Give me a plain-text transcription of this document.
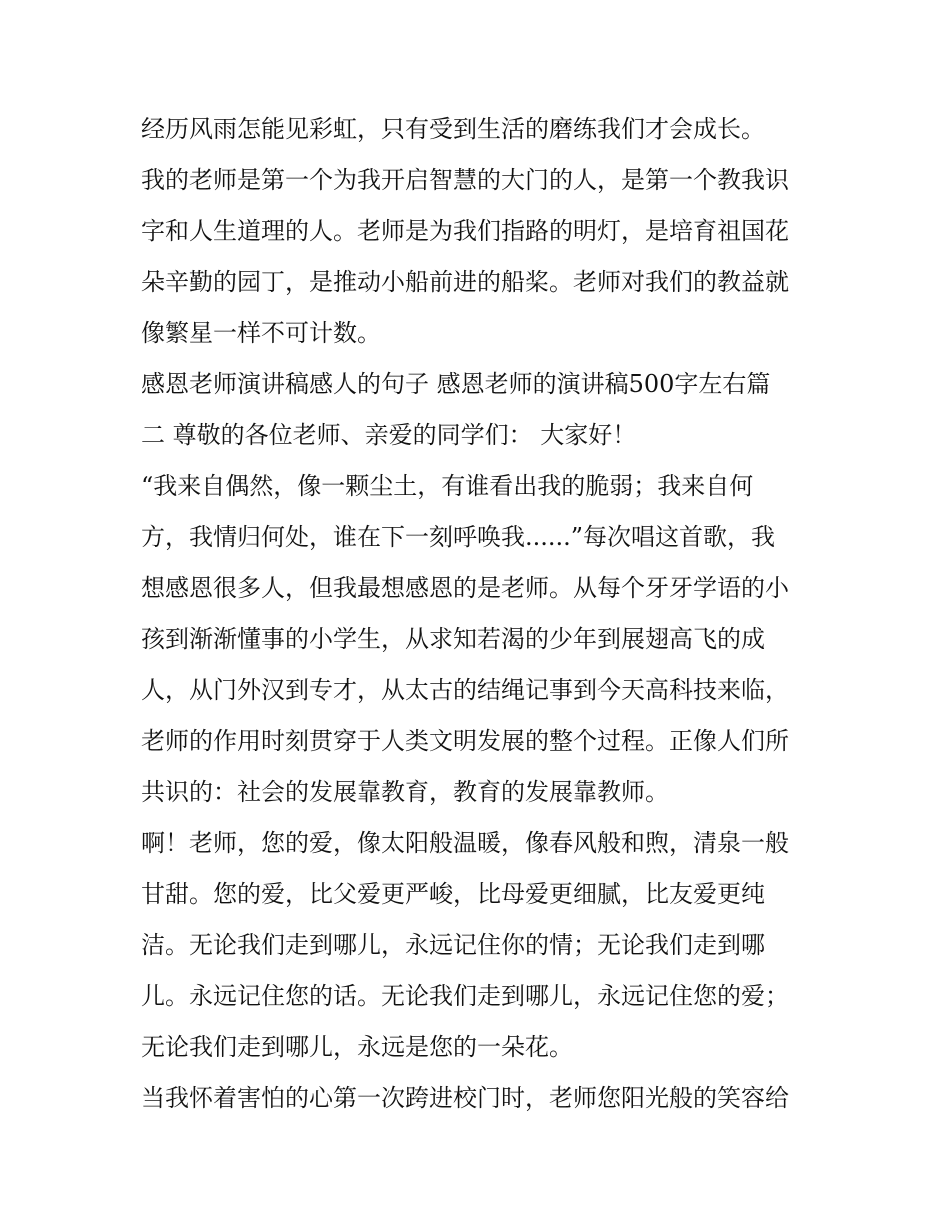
经历风雨怎能见彩虹，只有受到生活的磨练我们才会成长。
我的老师是第一个为我开启智慧的大门的人，是第一个教我识
字和人生道理的人。老师是为我们指路的明灯，是培育祖国花
朵辛勤的园丁，是推动小船前进的船桨。老师对我们的教益就
像繁星一样不可计数。
感恩老师演讲稿感人的句子 感恩老师的演讲稿500字左右篇
二 尊敬的各位老师、亲爱的同学们： 大家好！
“我来自偶然，像一颗尘土，有谁看出我的脆弱；我来自何
方，我情归何处，谁在下一刻呼唤我......”每次唱这首歌，我
想感恩很多人，但我最想感恩的是老师。从每个牙牙学语的小
孩到渐渐懂事的小学生，从求知若渴的少年到展翅高飞的成
人，从门外汉到专才，从太古的结绳记事到今天高科技来临，
老师的作用时刻贯穿于人类文明发展的整个过程。正像人们所
共识的：社会的发展靠教育，教育的发展靠教师。
啊！老师，您的爱，像太阳般温暖，像春风般和煦，清泉一般
甘甜。您的爱，比父爱更严峻，比母爱更细腻，比友爱更纯
洁。无论我们走到哪儿，永远记住你的情；无论我们走到哪
儿。永远记住您的话。无论我们走到哪儿，永远记住您的爱；
无论我们走到哪儿，永远是您的一朵花。
当我怀着害怕的心第一次跨进校门时，老师您阳光般的笑容给
